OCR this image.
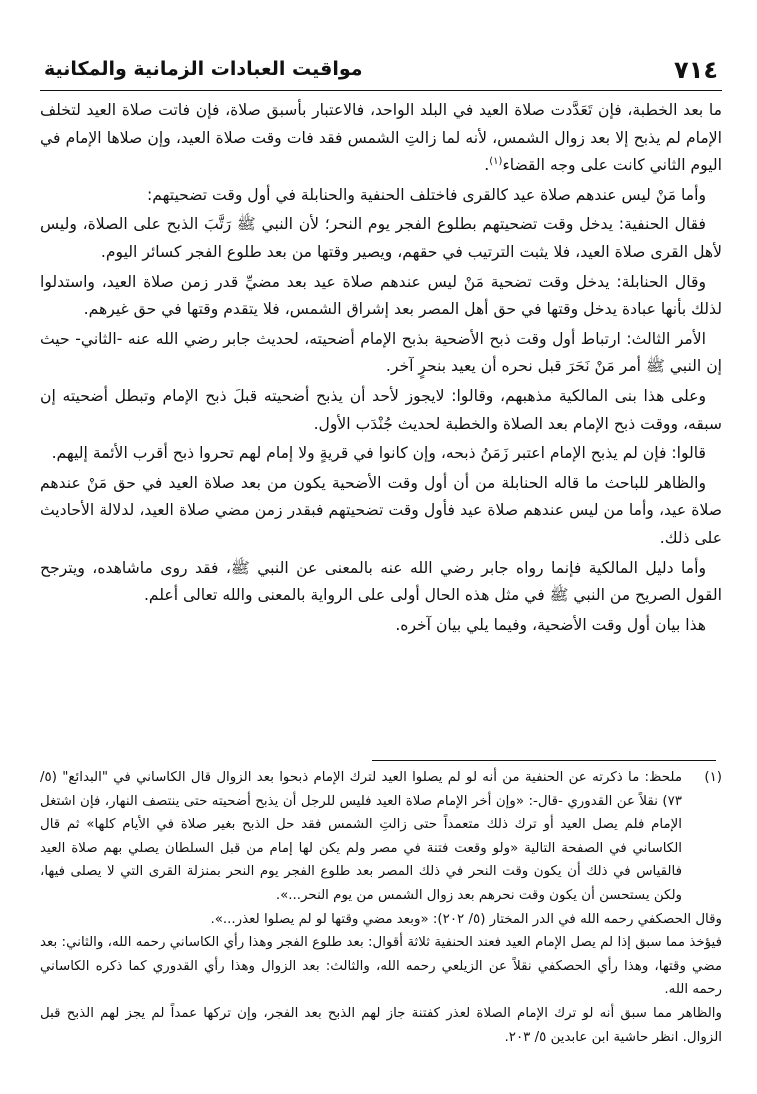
٧١٤
مواقيت العبادات الزمانية والمكانية

ما بعد الخطبة، فإن تَعَدَّدت صلاة العيد في البلد الواحد، فالاعتبار بأسبق صلاة، فإن فاتت صلاة العيد لتخلف الإمام لم يذبح إلا بعد زوال الشمس، لأنه لما زالتِ الشمس فقد فات وقت صلاة العيد، وإن صلاها الإمام في اليوم الثاني كانت على وجه القضاء$^{(١)}$.

وأما مَنْ ليس عندهم صلاة عيد كالقرى فاختلف الحنفية والحنابلة في أول وقت تضحيتهم:

فقال الحنفية: يدخل وقت تضحيتهم بطلوع الفجر يوم النحر؛ لأن النبي ﷺ رَتَّبَ الذبح على الصلاة، وليس لأهل القرى صلاة العيد، فلا يثبت الترتيب في حقهم، ويصير وقتها من بعد طلوع الفجر كسائر اليوم.

وقال الحنابلة: يدخل وقت تضحية مَنْ ليس عندهم صلاة عيد بعد مضيِّ قدر زمن صلاة العيد، واستدلوا لذلك بأنها عبادة يدخل وقتها في حق أهل المصر بعد إشراق الشمس، فلا يتقدم وقتها في حق غيرهم.

الأمر الثالث: ارتباط أول وقت ذبح الأضحية بذبح الإمام أضحيته، لحديث جابر رضي الله عنه -الثاني- حيث إن النبي ﷺ أمر مَنْ نَحَرَ قبل نحره أن يعيد بنحرٍ آخر.

وعلى هذا بنى المالكية مذهبهم، وقالوا: لايجوز لأحد أن يذبح أضحيته قبلَ ذبح الإمام وتبطل أضحيته إن سبقه، ووقت ذبح الإمام بعد الصلاة والخطبة لحديث جُنْدَب الأول.

قالوا: فإن لم يذبح الإمام اعتبر زَمَنُ ذبحه، وإن كانوا في قريةٍ ولا إمام لهم تحروا ذبح أقرب الأئمة إليهم.

والظاهر للباحث ما قاله الحنابلة من أن أول وقت الأضحية يكون من بعد صلاة العيد في حق مَنْ عندهم صلاة عيد، وأما من ليس عندهم صلاة عيد فأول وقت تضحيتهم فبقدر زمن مضي صلاة العيد، لدلالة الأحاديث على ذلك.

وأما دليل المالكية فإنما رواه جابر رضي الله عنه بالمعنى عن النبي ﷺ، فقد روى ماشاهده، ويترجح القول الصريح من النبي ﷺ في مثل هذه الحال أولى على الرواية بالمعنى والله تعالى أعلم.

هذا بيان أول وقت الأضحية، وفيما يلي بيان آخره.

(١)
ملحظ: ما ذكرته عن الحنفية من أنه لو لم يصلوا العيد لترك الإمام ذبحوا بعد الزوال قال الكاساني في "البدائع" (٥/ ٧٣) نقلاً عن القدوري -قال-: «وإن أخر الإمام صلاة العيد فليس للرجل أن يذبح أضحيته حتى ينتصف النهار، فإن اشتغل الإمام فلم يصل العيد أو ترك ذلك متعمداً حتى زالتِ الشمس فقد حل الذبح بغير صلاة في الأيام كلها» ثم قال الكاساني في الصفحة التالية «ولو وقعت فتنة في مصر ولم يكن لها إمام من قبل السلطان يصلي بهم صلاة العيد فالقياس في ذلك أن يكون وقت النحر في ذلك المصر بعد طلوع الفجر يوم النحر بمنزلة القرى التي لا يصلى فيها، ولكن يستحسن أن يكون وقت نحرهم بعد زوال الشمس من يوم النحر...».

وقال الحصكفي رحمه الله في الدر المختار (٥/ ٢٠٢): «وبعد مضي وقتها لو لم يصلوا لعذر...».

فيؤخذ مما سبق إذا لم يصل الإمام العيد فعند الحنفية ثلاثة أقوال: بعد طلوع الفجر وهذا رأي الكاساني رحمه الله، والثاني: بعد مضي وقتها، وهذا رأي الحصكفي نقلاً عن الزيلعي رحمه الله، والثالث: بعد الزوال وهذا رأي القدوري كما ذكره الكاساني رحمه الله.

والظاهر مما سبق أنه لو ترك الإمام الصلاة لعذر كفتنة جاز لهم الذبح بعد الفجر، وإن تركها عمداً لم يجز لهم الذبح قبل الزوال. انظر حاشية ابن عابدين ٥/ ٢٠٣.
